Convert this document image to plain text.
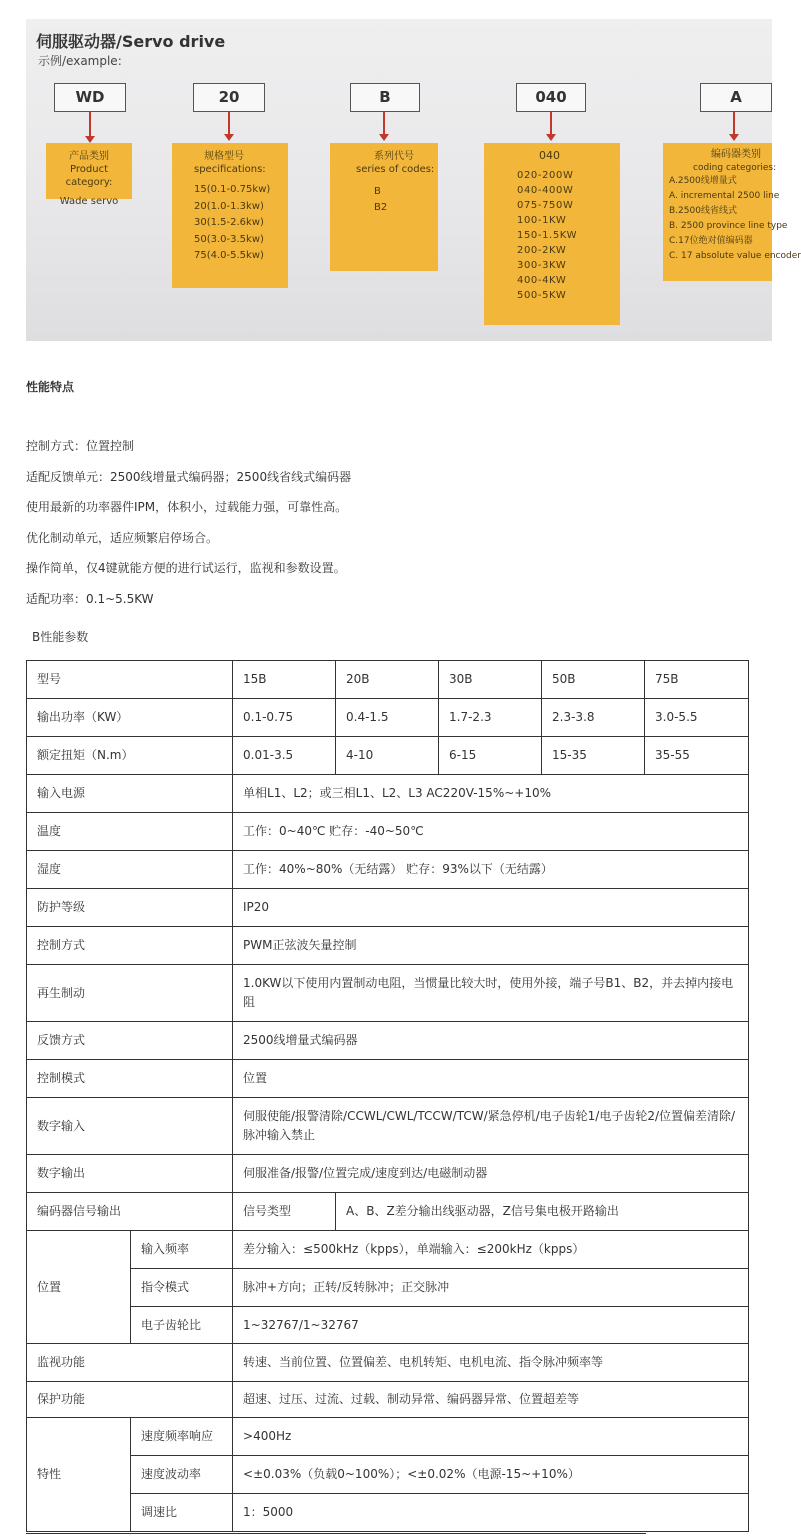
伺服驱动器/Servo drive
示例/example:
WD
产品类别
Product category:
Wade servo
20
规格型号
specifications:
15(0.1-0.75kw)
20(1.0-1.3kw)
30(1.5-2.6kw)
50(3.0-3.5kw)
75(4.0-5.5kw)
B
系列代号
series of codes:
B
B2
040
040
020-200W
040-400W
075-750W
100-1KW
150-1.5KW
200-2KW
300-3KW
400-4KW
500-5KW
A
编码器类别
coding categories:
A.2500线增量式
A. incremental 2500 line
B.2500线省线式
B. 2500 province line type
C.17位绝对值编码器
C. 17 absolute value encoder
性能特点
控制方式：位置控制
适配反馈单元：2500线增量式编码器；2500线省线式编码器
使用最新的功率器件IPM，体积小，过载能力强，可靠性高。
优化制动单元，适应频繁启停场合。
操作简单，仅4键就能方便的进行试运行，监视和参数设置。
适配功率：0.1~5.5KW
B性能参数
型号		15B	20B	30B	50B	75B
输出功率（KW）		0.1-0.75	0.4-1.5	1.7-2.3	2.3-3.8	3.0-5.5
额定扭矩（N.m）		0.01-3.5	4-10	6-15	15-35	35-55
输入电源		单相L1、L2；或三相L1、L2、L3 AC220V-15%~+10%				
温度		工作：0~40℃ 贮存：-40~50℃				
湿度		工作：40%~80%（无结露） 贮存：93%以下（无结露）				
防护等级		IP20				
控制方式		PWM正弦波矢量控制				
再生制动		1.0KW以下使用内置制动电阻，当惯量比较大时，使用外接，端子号B1、B2，并去掉内接电阻				
反馈方式		2500线增量式编码器				
控制模式		位置				
数字输入		伺服使能/报警清除/CCWL/CWL/TCCW/TCW/紧急停机/电子齿轮1/电子齿轮2/位置偏差清除/脉冲输入禁止				
数字输出		伺服准备/报警/位置完成/速度到达/电磁制动器				
编码器信号输出		信号类型	A、B、Z差分输出线驱动器，Z信号集电极开路输出			
位置	输入频率	差分输入：≤500kHz（kpps），单端输入：≤200kHz（kpps）				
	指令模式	脉冲+方向；正转/反转脉冲；正交脉冲				
	电子齿轮比	1~32767/1~32767				
监视功能		转速、当前位置、位置偏差、电机转矩、电机电流、指令脉冲频率等				
保护功能		超速、过压、过流、过载、制动异常、编码器异常、位置超差等				
特性	速度频率响应	>400Hz				
	速度波动率	<±0.03%（负载0~100%）；<±0.02%（电源-15~+10%）				
	调速比	1：5000				
